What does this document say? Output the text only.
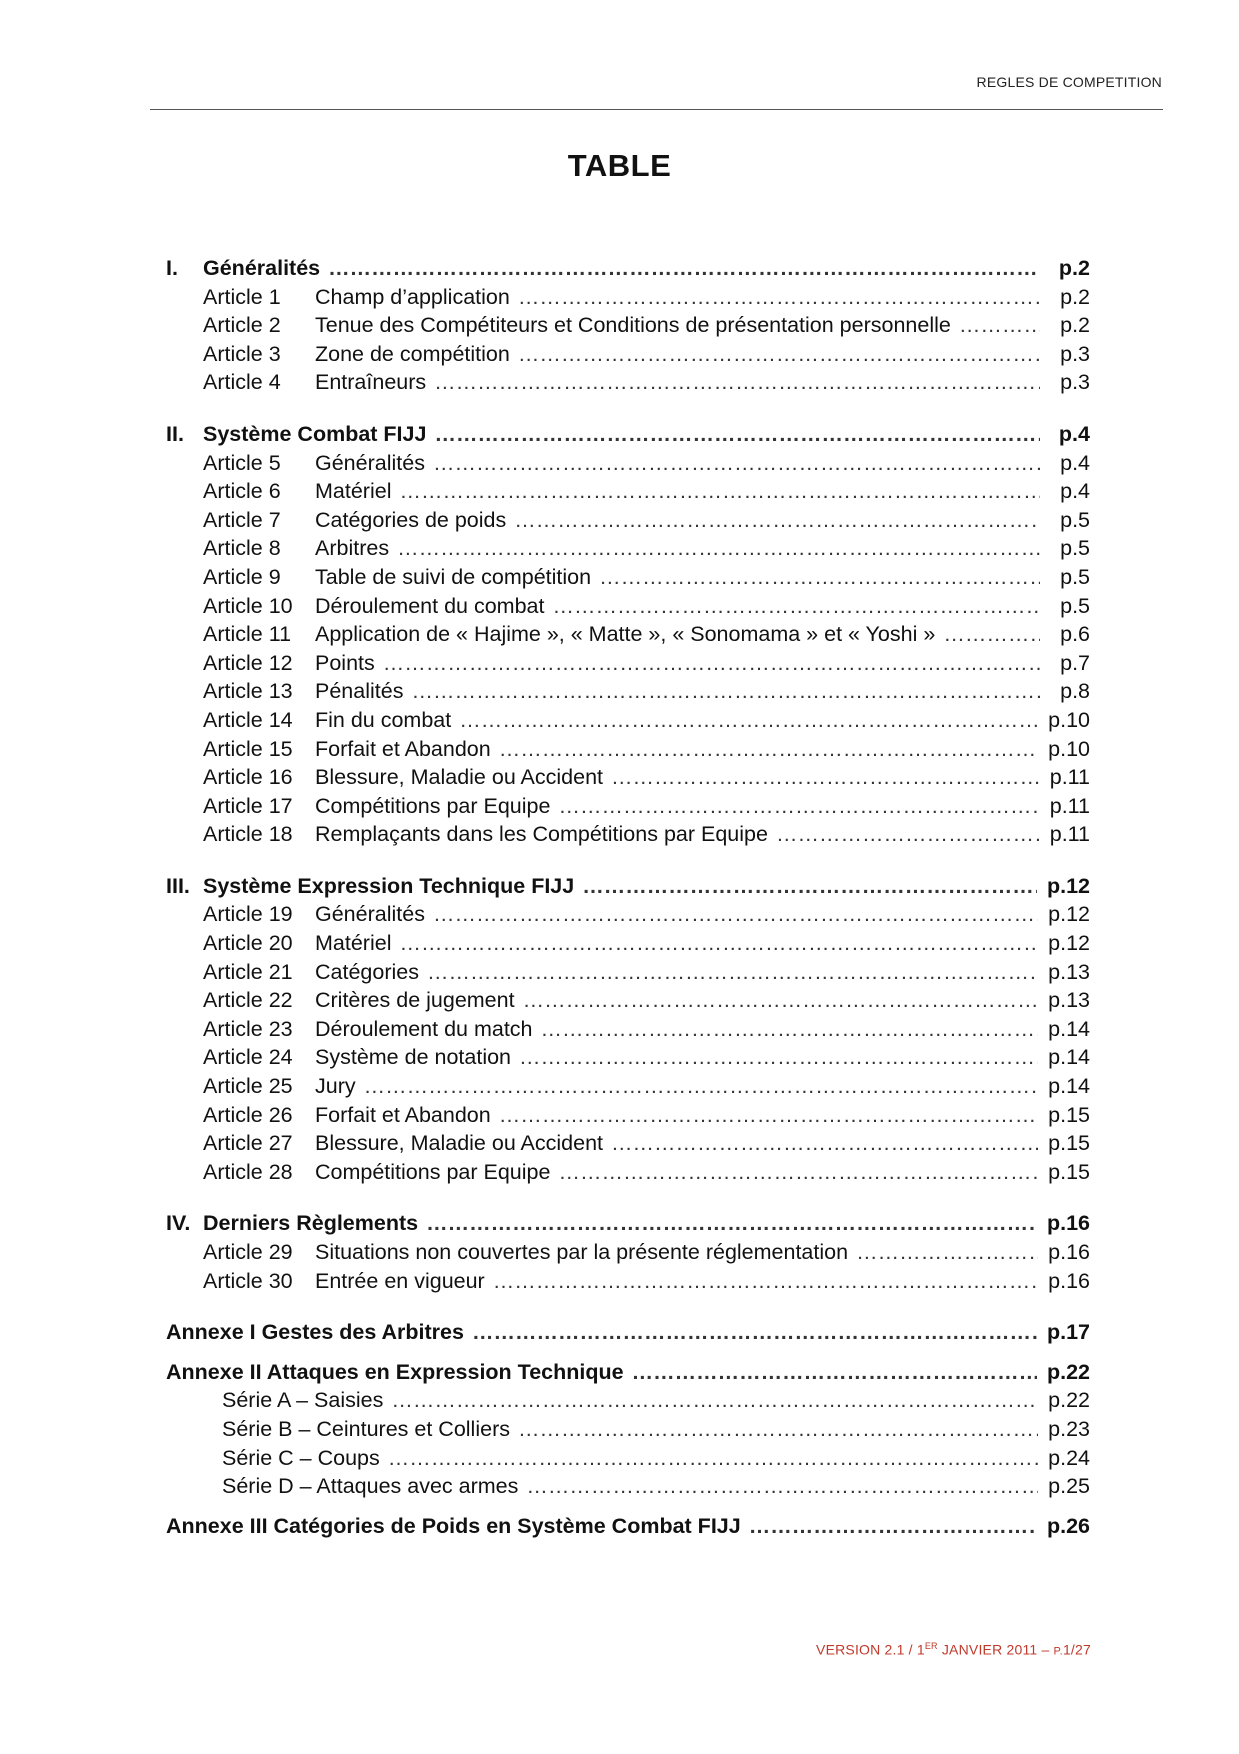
REGLES DE COMPETITION
TABLE
I.	Généralités ……………………………………………………………………………………………………………………………………………………………………………………………………………	p.2
Article 1	Champ d’application ……………………………………………………………………………………………………………………………………………………………………………………………………………	p.2
Article 2	Tenue des Compétiteurs et Conditions de présentation personnelle ……………………………………………………………………………………………………………………………………………………………………………………………………………	p.2
Article 3	Zone de compétition ……………………………………………………………………………………………………………………………………………………………………………………………………………	p.3
Article 4	Entraîneurs ……………………………………………………………………………………………………………………………………………………………………………………………………………	p.3
II. Système Combat FIJJ ……………………………………………………………………………………………………………………………………………………………………………………………………………	p.4
Article 5	Généralités ……………………………………………………………………………………………………………………………………………………………………………………………………………	p.4
Article 6	Matériel ……………………………………………………………………………………………………………………………………………………………………………………………………………	p.4
Article 7	Catégories de poids ……………………………………………………………………………………………………………………………………………………………………………………………………………	p.5
Article 8	Arbitres ……………………………………………………………………………………………………………………………………………………………………………………………………………	p.5
Article 9	Table de suivi de compétition ……………………………………………………………………………………………………………………………………………………………………………………………………………	p.5
Article 10	Déroulement du combat ……………………………………………………………………………………………………………………………………………………………………………………………………………	p.5
Article 11	Application de « Hajime », « Matte », « Sonomama » et « Yoshi » ……………………………………………………………………………………………………………………………………………………………………………………………………………	p.6
Article 12	Points ……………………………………………………………………………………………………………………………………………………………………………………………………………	p.7
Article 13	Pénalités ……………………………………………………………………………………………………………………………………………………………………………………………………………	p.8
Article 14	Fin du combat ……………………………………………………………………………………………………………………………………………………………………………………………………………	p.10
Article 15	Forfait et Abandon ……………………………………………………………………………………………………………………………………………………………………………………………………………	p.10
Article 16	Blessure, Maladie ou Accident ……………………………………………………………………………………………………………………………………………………………………………………………………………	p.11
Article 17	Compétitions par Equipe ……………………………………………………………………………………………………………………………………………………………………………………………………………	p.11
Article 18	Remplaçants dans les Compétitions par Equipe ……………………………………………………………………………………………………………………………………………………………………………………………………………	p.11
III. Système Expression Technique FIJJ ……………………………………………………………………………………………………………………………………………………………………………………………………………	p.12
Article 19	Généralités ……………………………………………………………………………………………………………………………………………………………………………………………………………	p.12
Article 20	Matériel ……………………………………………………………………………………………………………………………………………………………………………………………………………	p.12
Article 21	Catégories ……………………………………………………………………………………………………………………………………………………………………………………………………………	p.13
Article 22	Critères de jugement ……………………………………………………………………………………………………………………………………………………………………………………………………………	p.13
Article 23	Déroulement du match ……………………………………………………………………………………………………………………………………………………………………………………………………………	p.14
Article 24	Système de notation ……………………………………………………………………………………………………………………………………………………………………………………………………………	p.14
Article 25	Jury ……………………………………………………………………………………………………………………………………………………………………………………………………………	p.14
Article 26	Forfait et Abandon ……………………………………………………………………………………………………………………………………………………………………………………………………………	p.15
Article 27	Blessure, Maladie ou Accident ……………………………………………………………………………………………………………………………………………………………………………………………………………	p.15
Article 28	Compétitions par Equipe ……………………………………………………………………………………………………………………………………………………………………………………………………………	p.15
IV. Derniers Règlements ……………………………………………………………………………………………………………………………………………………………………………………………………………	p.16
Article 29	Situations non couvertes par la présente réglementation ……………………………………………………………………………………………………………………………………………………………………………………………………………	p.16
Article 30	Entrée en vigueur ……………………………………………………………………………………………………………………………………………………………………………………………………………	p.16
Annexe I Gestes des Arbitres ……………………………………………………………………………………………………………………………………………………………………………………………………………	p.17
Annexe II Attaques en Expression Technique ……………………………………………………………………………………………………………………………………………………………………………………………………………	p.22
Série A – Saisies ……………………………………………………………………………………………………………………………………………………………………………………………………………	p.22
Série B – Ceintures et Colliers ……………………………………………………………………………………………………………………………………………………………………………………………………………	p.23
Série C – Coups ……………………………………………………………………………………………………………………………………………………………………………………………………………	p.24
Série D – Attaques avec armes ……………………………………………………………………………………………………………………………………………………………………………………………………………	p.25
Annexe III Catégories de Poids en Système Combat FIJJ ……………………………………………………………………………………………………………………………………………………………………………………………………………	p.26
VERSION 2.1 / 1ER JANVIER 2011 – P.1/27
